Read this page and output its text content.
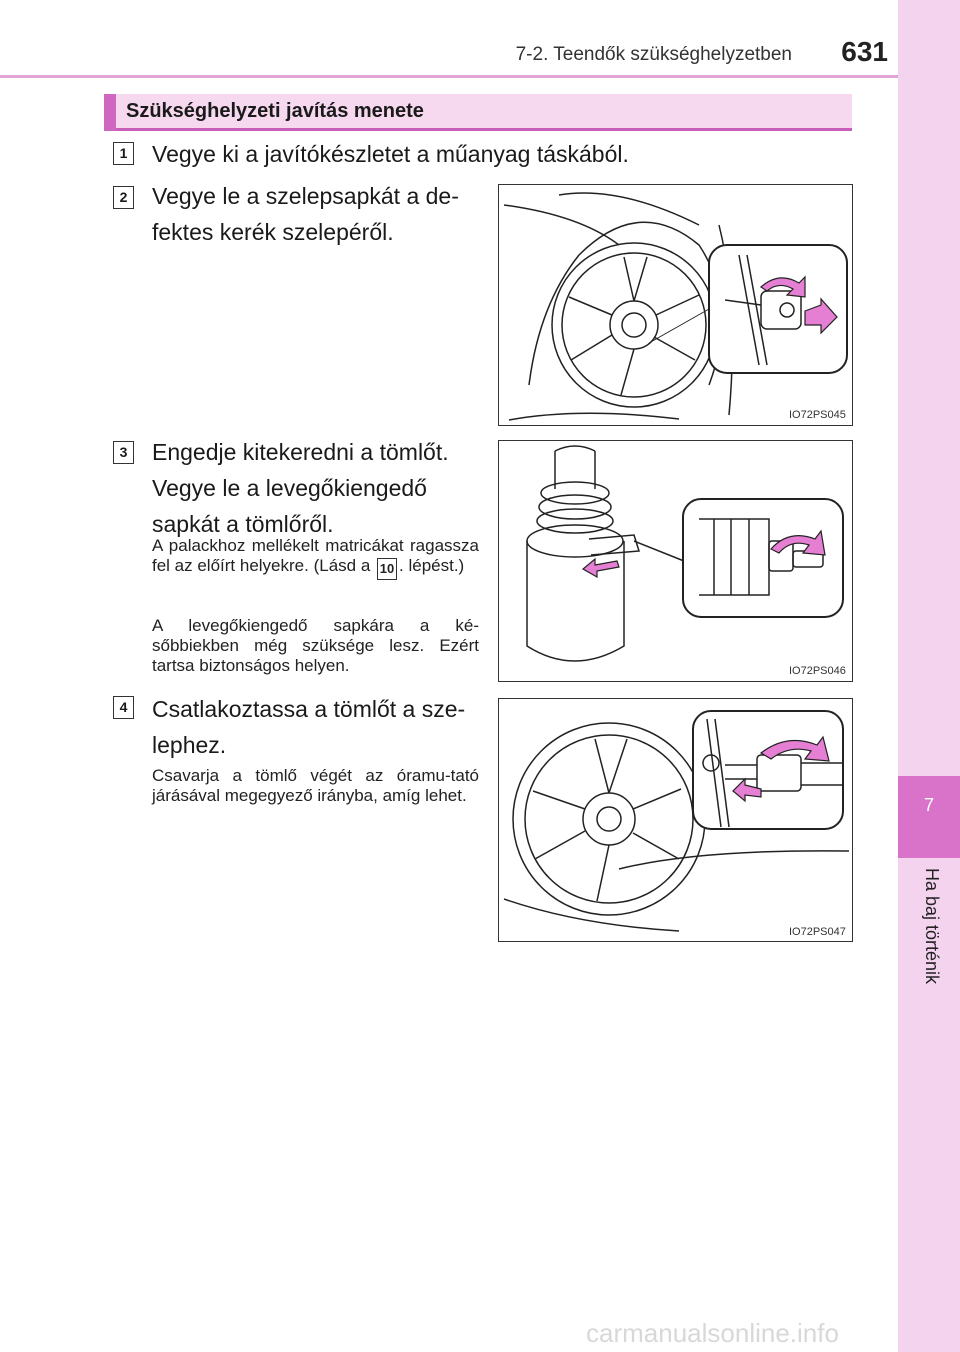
7-2. Teendők szükséghelyzetben	631
7
Ha baj történik
Szükséghelyzeti javítás menete
1 Vegye ki a javítókészletet a műanyag táskából.
2 Vegye le a szelepsapkát a de-
fektes kerék szelepéről.
IO72PS045
3 Engedje kitekeredni a tömlőt.
Vegye le a levegőkiengedő
sapkát a tömlőről.
A palackhoz mellékelt matricákat ragassza fel az előírt helyekre. (Lásd a 10 . lépést.)
A levegőkiengedő sapkára a ké-sőbbiekben még szüksége lesz. Ezért tartsa biztonságos helyen.	IO72PS046
4 Csatlakoztassa a tömlőt a sze-
lephez.
Csavarja a tömlő végét az óramu-tató járásával megegyező irányba, amíg lehet.
IO72PS047
carmanualsonline.info
